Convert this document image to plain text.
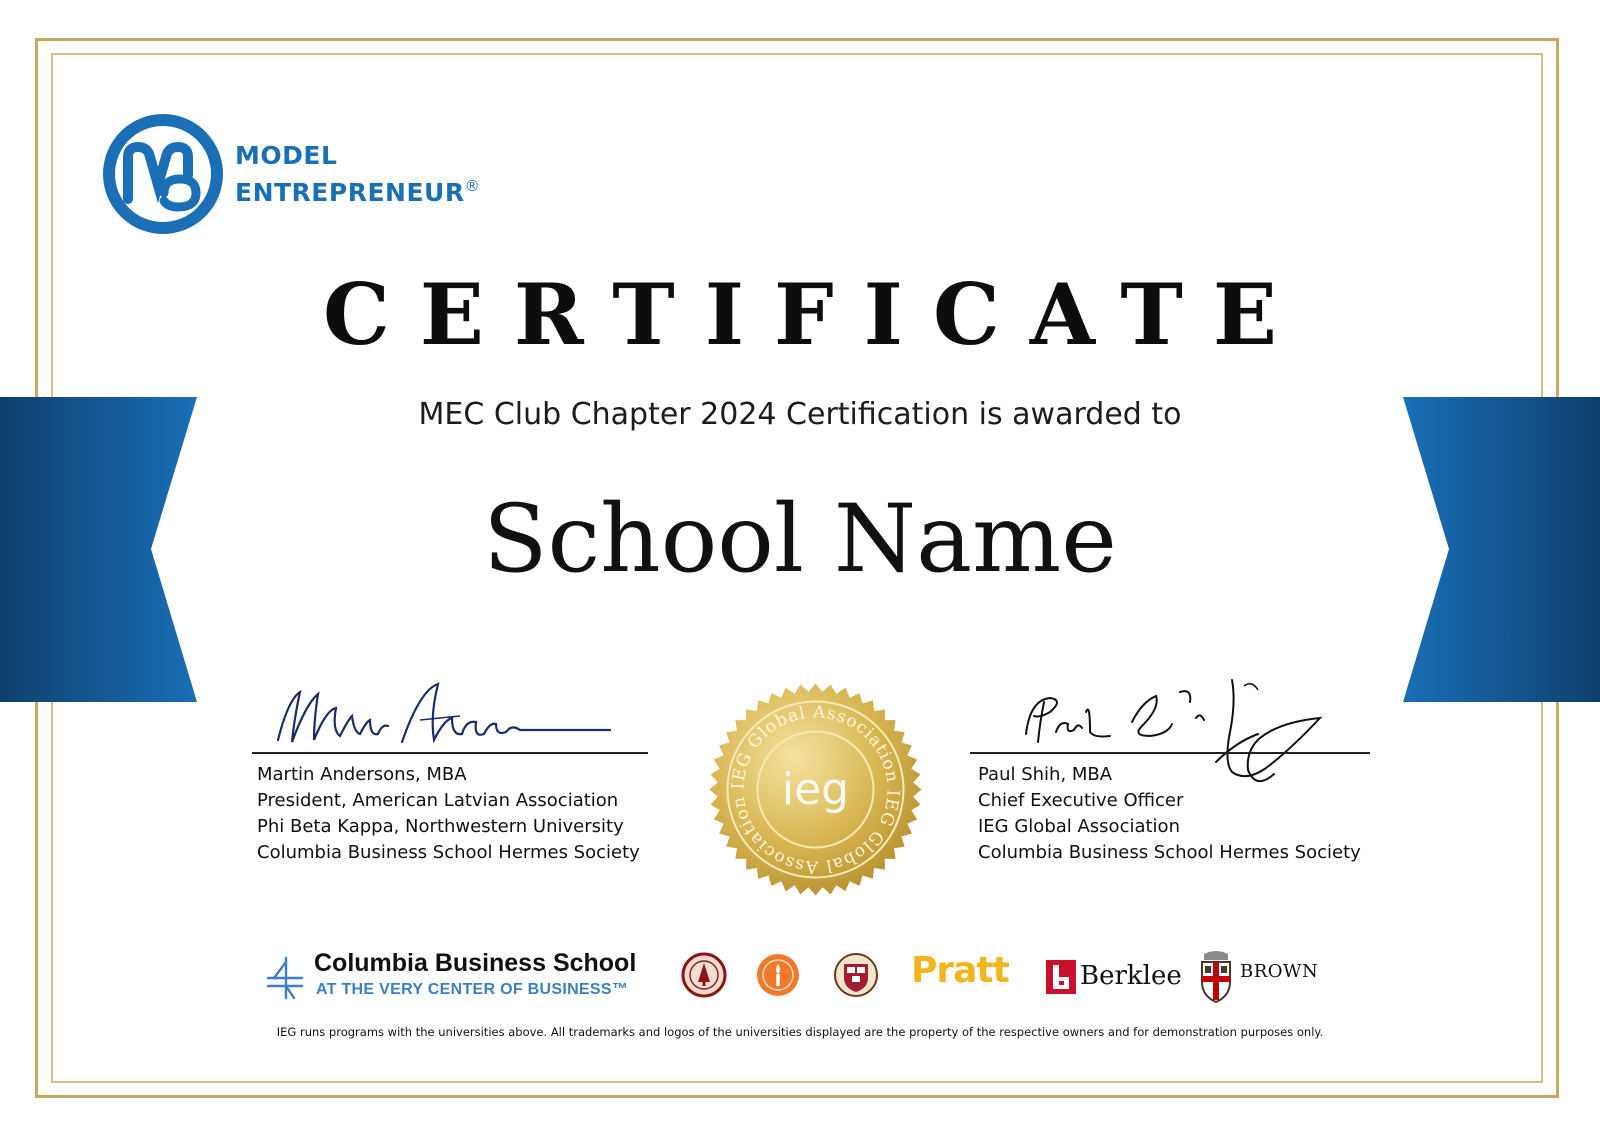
MODEL
ENTREPRENEUR®
CERTIFICATE
MEC Club Chapter 2024 Certification is awarded to
School Name
Martin Andersons, MBA
President, American Latvian Association
Phi Beta Kappa, Northwestern University
Columbia Business School Hermes Society
IEG Global Association
IEG Global Association ieg	Paul Shih, MBA
Chief Executive Officer
IEG Global Association
Columbia Business School Hermes Society
Columbia Business School
AT THE VERY CENTER OF BUSINESS™	Pratt	Berklee	BROWN
IEG runs programs with the universities above. All trademarks and logos of the universities displayed are the property of the respective owners and for demonstration purposes only.
